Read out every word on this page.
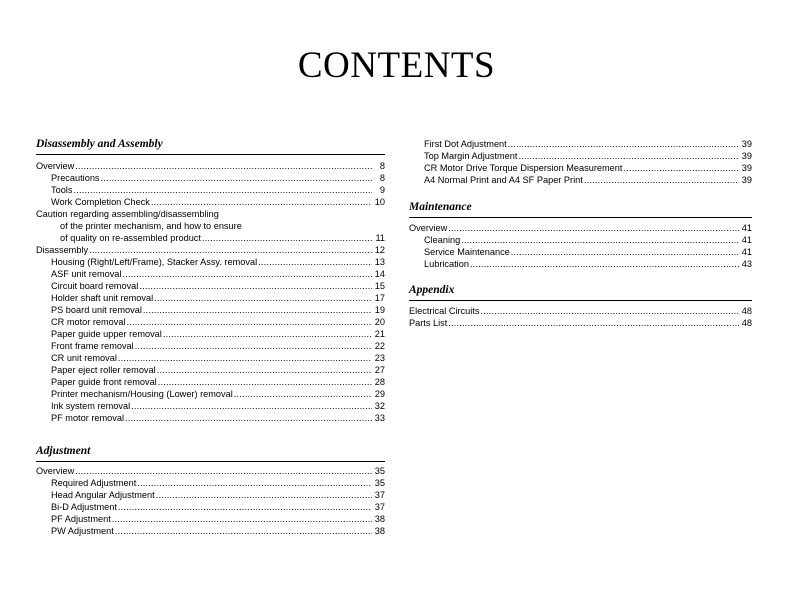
CONTENTS
Disassembly and Assembly
Overview .....	8
Precautions .....	8
Tools .....	9
Work Completion Check .....	10
Caution regarding assembling/disassembling
of the printer mechanism, and how to ensure
of quality on re-assembled product .....	11
Disassembly .....	12
Housing (Right/Left/Frame), Stacker Assy. removal .....	13
ASF unit removal .....	14
Circuit board removal .....	15
Holder shaft unit removal .....	17
PS board unit removal .....	19
CR motor removal .....	20
Paper guide upper removal .....	21
Front frame removal .....	22
CR unit removal .....	23
Paper eject roller removal .....	27
Paper guide front removal .....	28
Printer mechanism/Housing (Lower) removal .....	29
Ink system removal .....	32
PF motor removal .....	33
Adjustment
Overview .....	35
Required Adjustment .....	35
Head Angular Adjustment .....	37
Bi-D Adjustment .....	37
PF Adjustment .....	38
PW Adjustment .....	38
First Dot Adjustment .....	39
Top Margin Adjustment .....	39
CR Motor Drive Torque Dispersion Measurement .....	39
A4 Normal Print and A4 SF Paper Print .....	39
Maintenance
Overview .....	41
Cleaning .....	41
Service Maintenance .....	41
Lubrication .....	43
Appendix
Electrical Circuits .....	48
Parts List .....	48
